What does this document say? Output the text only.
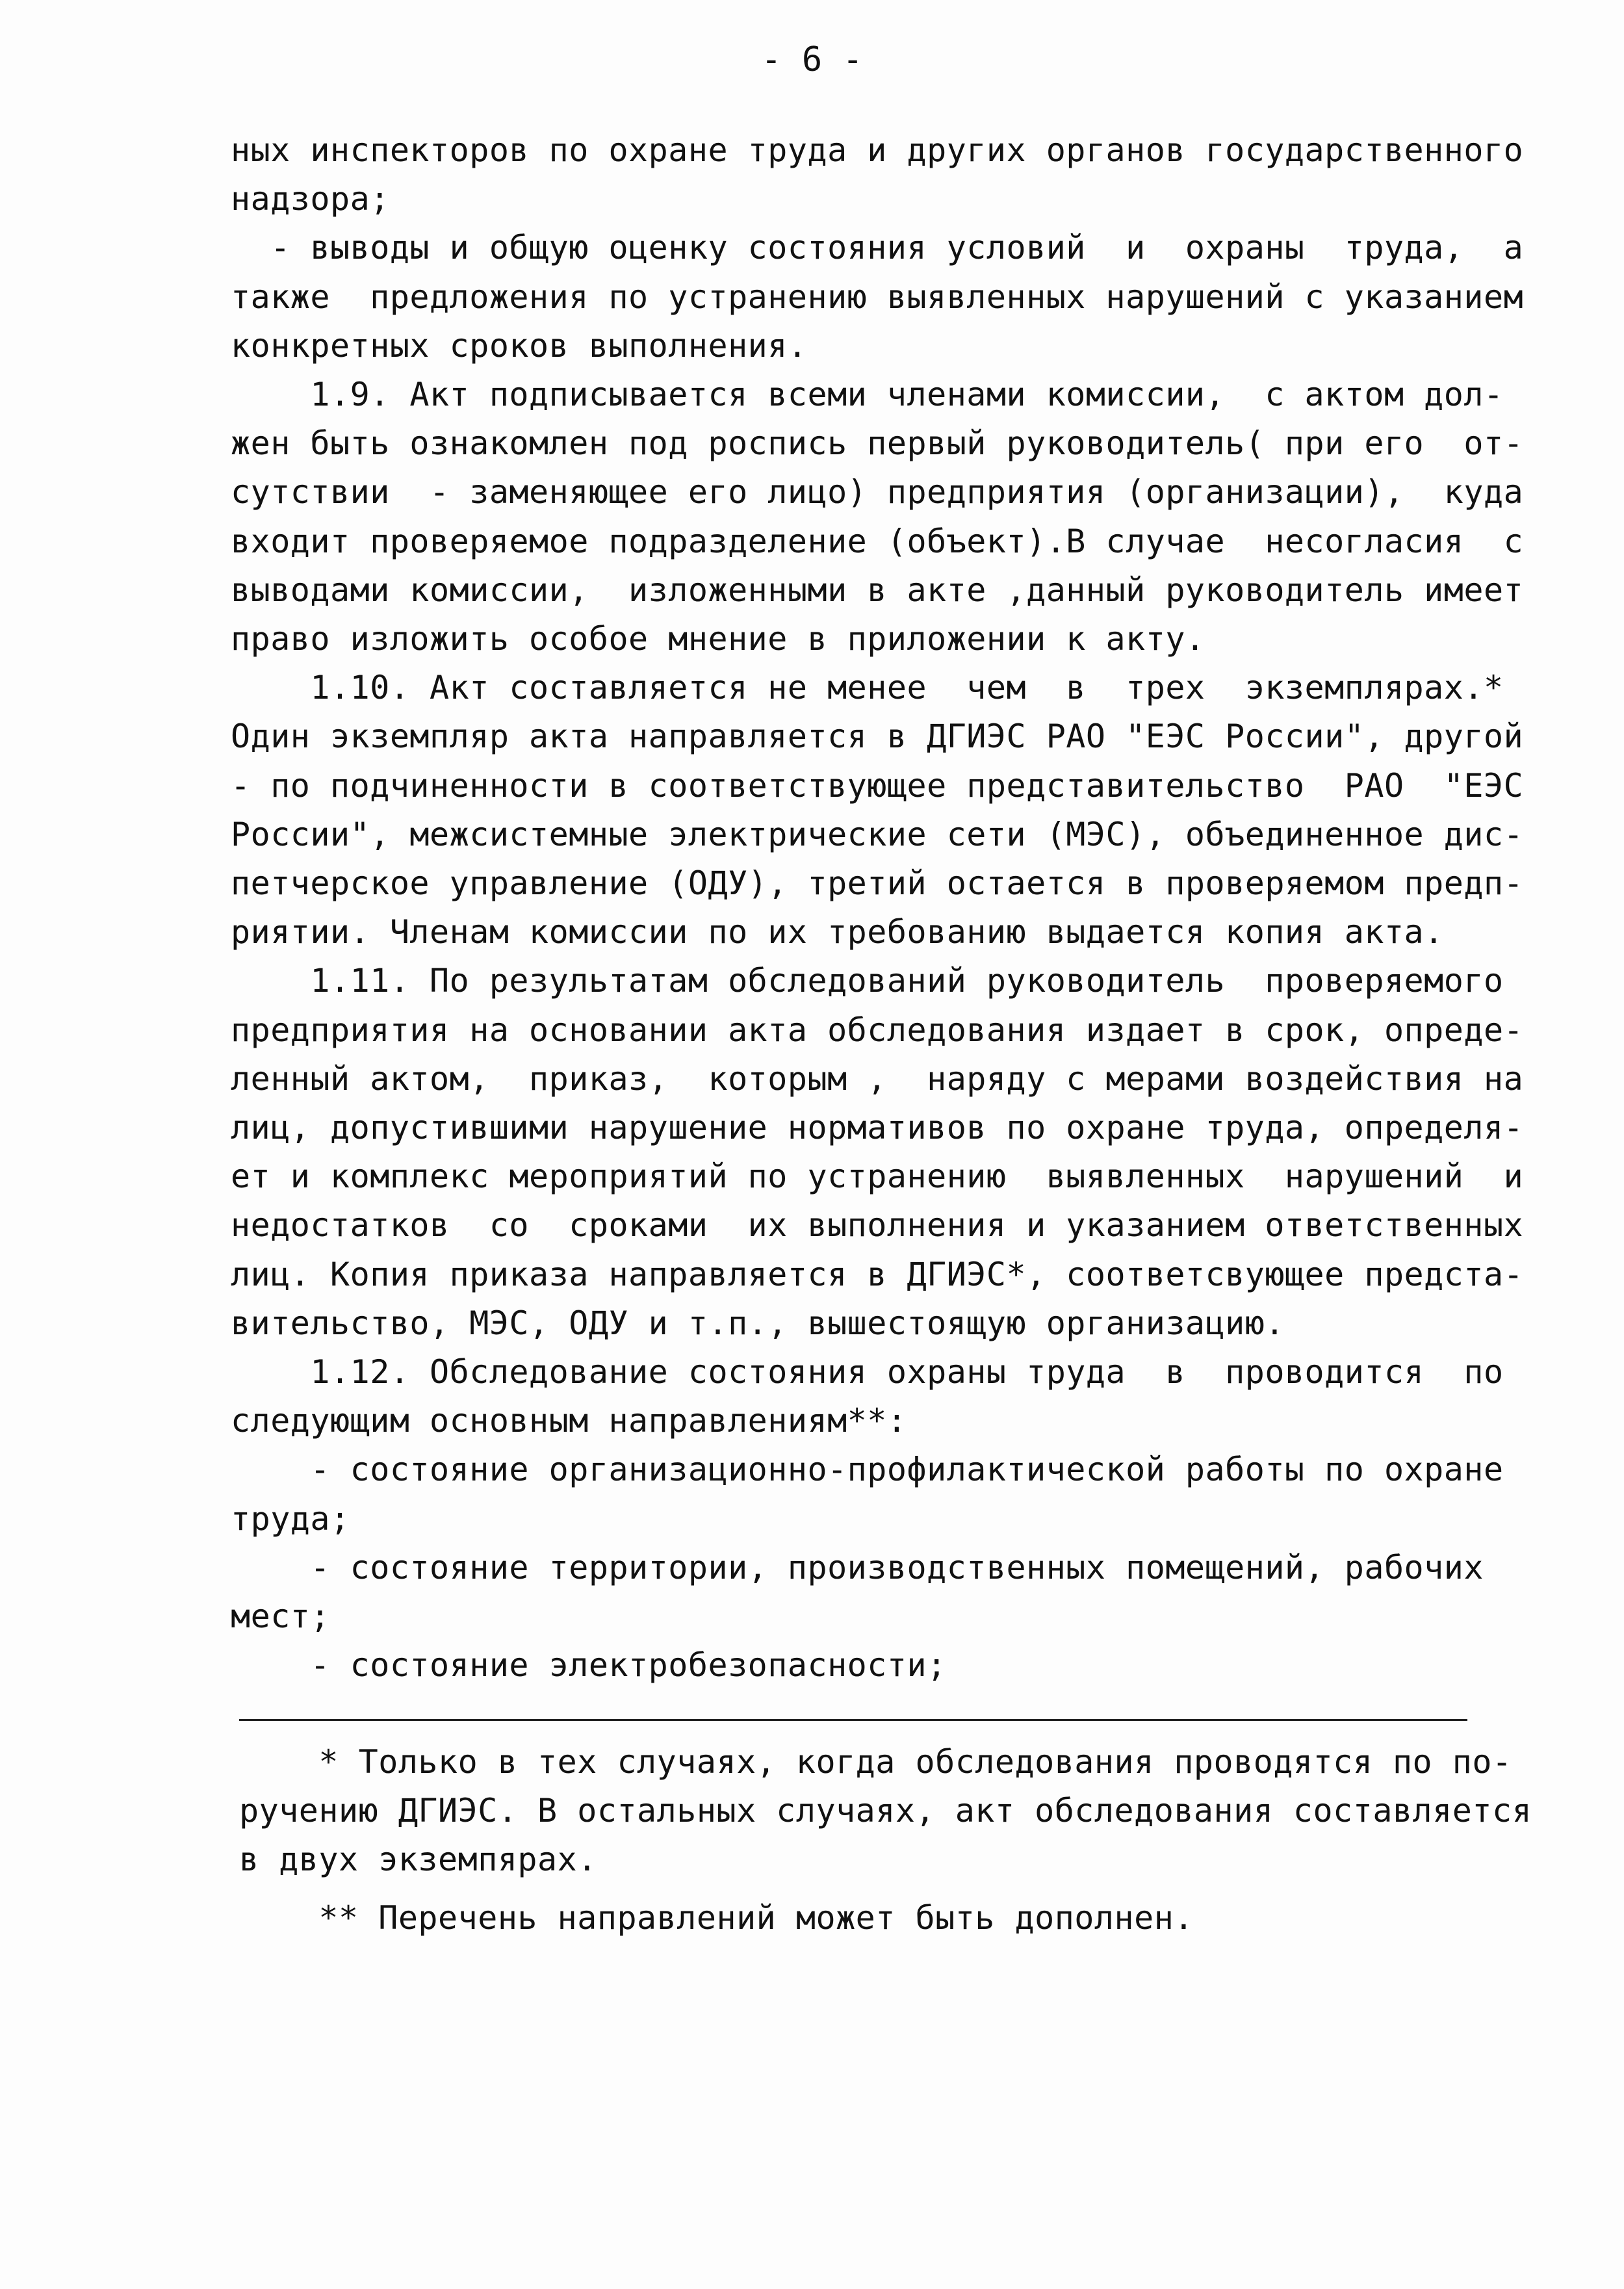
- 6 -

ных инспекторов по охране труда и других органов государственного

надзора;

- выводы и общую оценку состояния условий  и  охраны  труда,  а

также  предложения по устранению выявленных нарушений с указанием

конкретных сроков выполнения.

1.9. Акт подписывается всеми членами комиссии,  с актом дол-

жен быть ознакомлен под роспись первый руководитель( при его  от-

сутствии  - заменяющее его лицо) предприятия (организации),  куда

входит проверяемое подразделение (объект).В случае  несогласия  с

выводами комиссии,  изложенными в акте ,данный руководитель имеет

право изложить особое мнение в приложении к акту.

1.10. Акт составляется не менее  чем  в  трех  экземплярах.*

Один экземпляр акта направляется в ДГИЭС РАО "ЕЭС России", другой

- по подчиненности в соответствующее представительство  РАО  "ЕЭС

России", межсистемные электрические сети (МЭС), объединенное дис-

петчерское управление (ОДУ), третий остается в проверяемом предп-

риятии. Членам комиссии по их требованию выдается копия акта.

1.11. По результатам обследований руководитель  проверяемого

предприятия на основании акта обследования издает в срок, опреде-

ленный актом,  приказ,  которым ,  наряду с мерами воздействия на

лиц, допустившими нарушение нормативов по охране труда, определя-

ет и комплекс мероприятий по устранению  выявленных  нарушений  и

недостатков  со  сроками  их выполнения и указанием ответственных

лиц. Копия приказа направляется в ДГИЭС*, соответсвующее предста-

вительство, МЭС, ОДУ и т.п., вышестоящую организацию.

1.12. Обследование состояния охраны труда  в  проводится  по

следующим основным направлениям**:

- состояние организационно-профилактической работы по охране

труда;

- состояние территории, производственных помещений, рабочих

мест;

- состояние электробезопасности;

* Только в тех случаях, когда обследования проводятся по по-

ручению ДГИЭС. В остальных случаях, акт обследования составляется

в двух экземпярах.

** Перечень направлений может быть дополнен.
